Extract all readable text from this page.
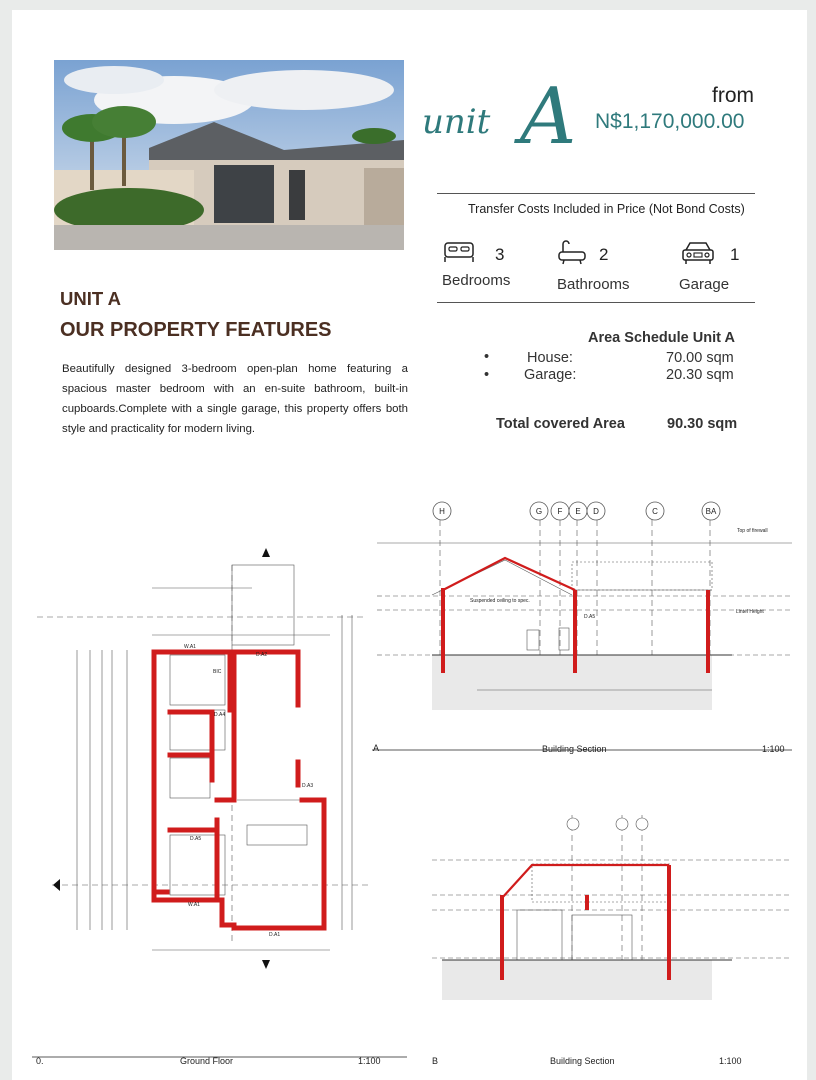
unit A	from
N$1,170,000.00
Transfer Costs Included in Price (Not Bond Costs)
3
Bedrooms
2
Bathrooms
1
Garage
UNIT A
OUR PROPERTY FEATURES
Beautifully designed 3-bedroom open-plan home featuring a spacious master bedroom with an en-suite bathroom, built-in cupboards.Complete with a single garage, this property offers both style and practicality for modern living.
Area Schedule Unit A
•	House:	70.00 sqm
• Garage:	20.30 sqm
Total covered Area	90.30 sqm
W.A1
D.A2
D.A3
D.A4
D.A5
D.A1
BIC
W.A1
H	G F E D	C	BA
Suspended ceiling to spec.
D.A5
Top of firewall
Lintel Height
A	Building Section	1:100
B	Building Section	1:100
0.	Ground Floor	1:100
